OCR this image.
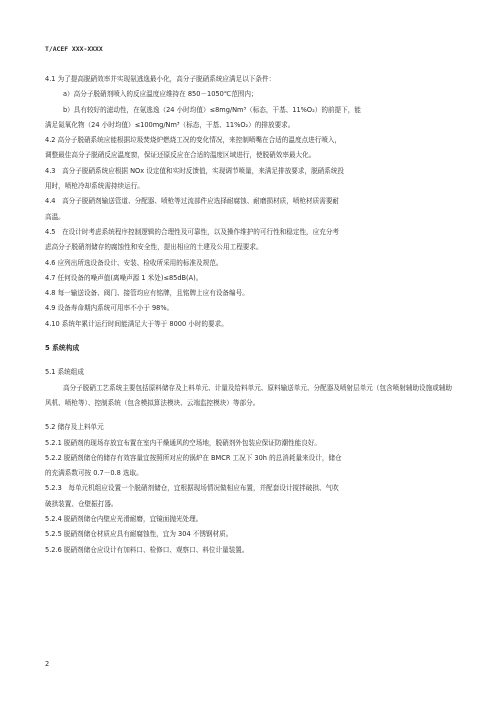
T/ACEF XXX-XXXX

4.1 为了提高脱硝效率并实现氨逃逸最小化，高分子脱硝系统应满足以下条件：

a）高分子脱硝剂喷入的反应温度应维持在 850－1050℃范围内；

b）具有较好的滤动性，在氨逃逸（24 小时均值）≤8mg/Nm³（标态，干基、11%O₂）的前提下，能

满足氮氧化物（24 小时均值）≤100mg/Nm³（标态，干基、11%O₂）的排放要求。

4.2 高分子脱硝系统应能根据垃圾焚烧炉燃烧工况的变化情况，来控制喷嘴在合适的温度点进行喷入，

调整最佳高分子脱硝反应温度窗，保证还原反应在合适的温度区域进行，使脱硝效率最大化。

4.3　高分子脱硝系统应根据 NOx 设定值和实时反馈值，实现调节喷量，来满足排放要求，脱硝系统投

用时，喷枪冷却系统需持续运行。

4.4　高分子脱硝剂输送管道、分配器、喷枪等过流部件应选择耐腐蚀、耐磨损材质，喷枪材质需要耐

高温。

4.5　在设计时考虑系统程序控制逻辑的合理性及可靠性，以及操作维护的可行性和稳定性，应充分考

虑高分子脱硝剂储存的腐蚀性和安全性，提出相应的土建及公用工程要求。

4.6 应列出所选设备设计、安装、检收所采用的标准及规范。

4.7 任何设备的噪声值(离噪声源 1 米处)≤85dB(A)。

4.8 每一输送设备、阀门、接管均应有铭牌，且铭牌上应有设备编号。

4.9 设备寿命期内系统可用率不小于 98%。

4.10 系统年累计运行时间能满足大于等于 8000 小时的要求。

5 系统构成

5.1 系统组成

高分子脱硝工艺系统主要包括原料储存及上料单元、计量及给料单元、原料输送单元、分配器及喷射层单元（包含喷射辅助设施或辅助风机、喷枪等）、控制系统（包含模拟算法模块、云端监控模块）等部分。

5.2 储存及上料单元

5.2.1 脱硝剂的现场存放宜布置在室内干燥通风的空场地，脱硝剂外包装应保证防潮性能良好。

5.2.2 脱硝剂储仓的储存有效容量宜按照所对应的锅炉在 BMCR 工况下 30h 的总消耗量来设计，储仓

的充满系数可按 0.7－0.8 选取。

5.2.3　每单元机组应设置一个脱硝剂储仓，宜根据现场情况做相应布置，并配套设计搅拌破拱、气吹

破拱装置、仓壁振打器。

5.2.4 脱硝剂储仓内壁应光滑耐磨，宜镜面抛光处理。

5.2.5 脱硝剂储仓材质应具有耐腐蚀性，宜为 304 不锈钢材质。

5.2.6 脱硝剂储仓应设计有加料口、检修口、观察口、料位计量装置。

2
